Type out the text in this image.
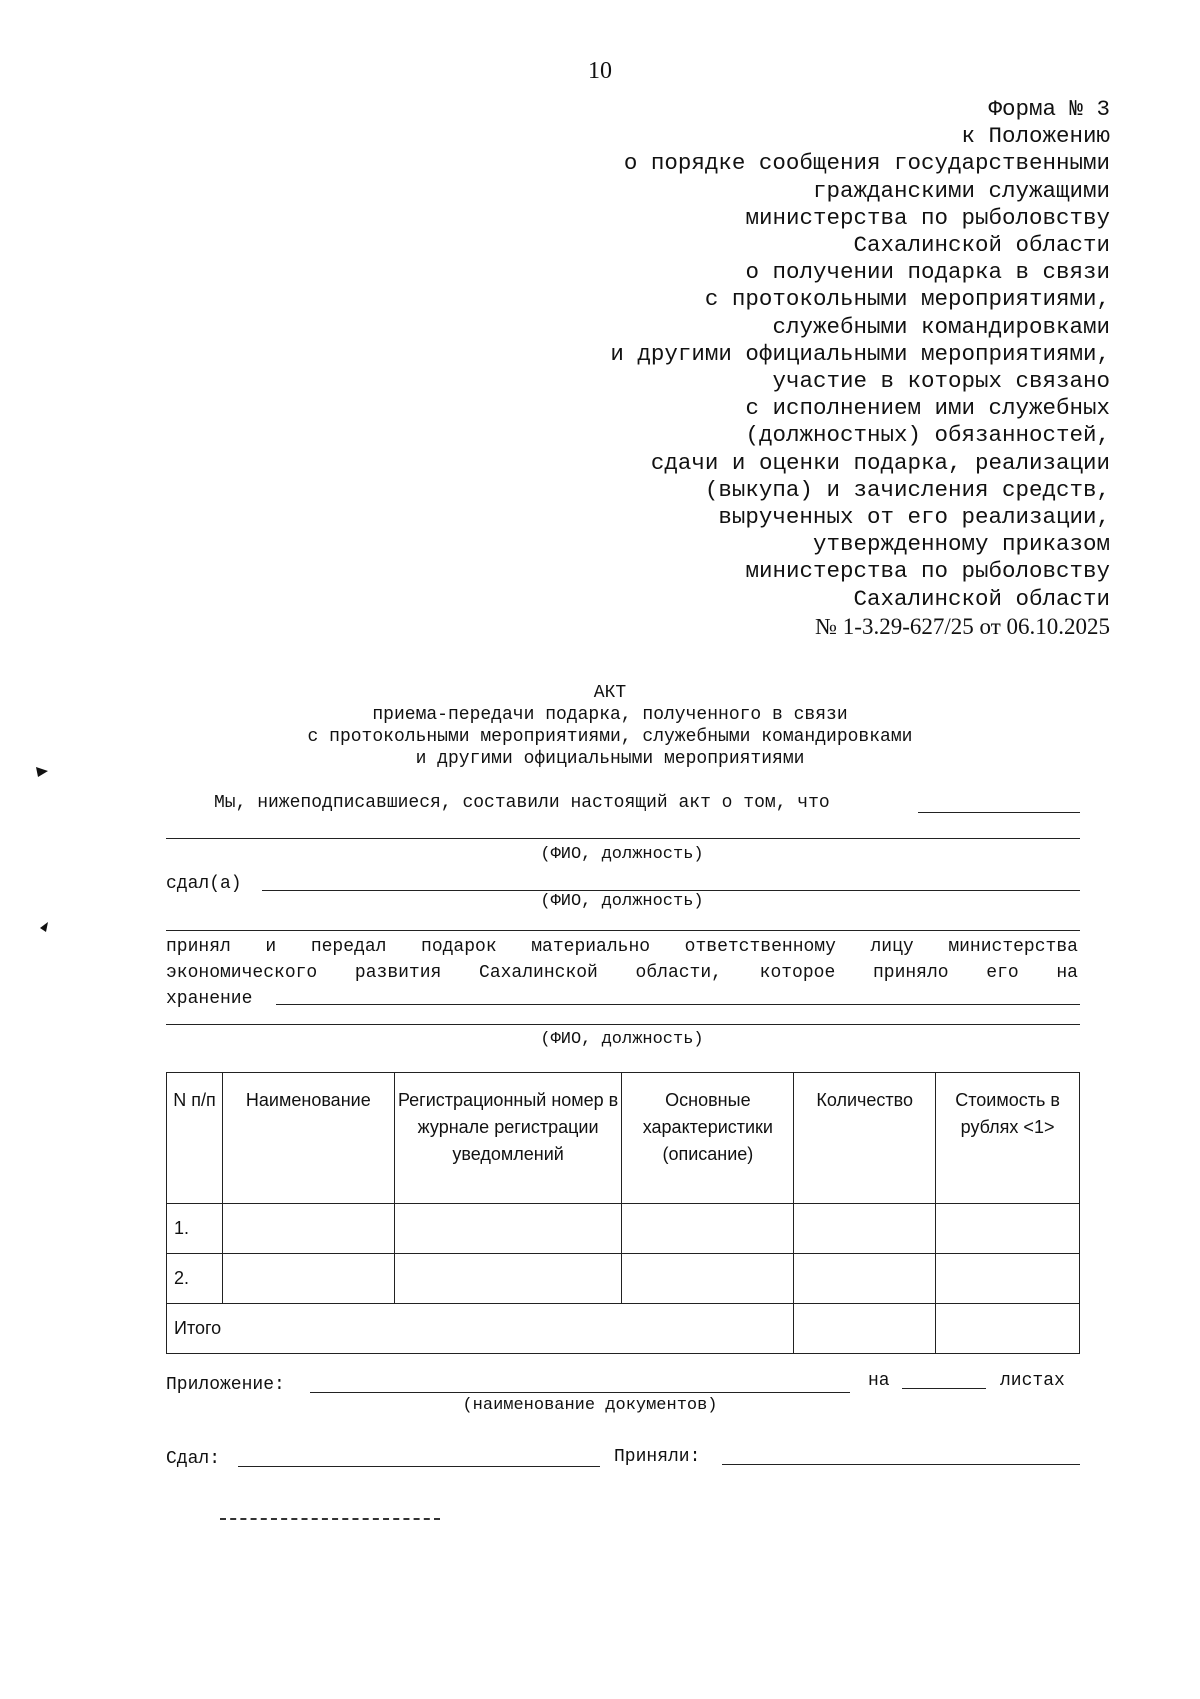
10
Форма № 3
к Положению
о порядке сообщения государственными
гражданскими служащими
министерства по рыболовству
Сахалинской области
о получении подарка в связи
с протокольными мероприятиями,
служебными командировками
и другими официальными мероприятиями,
участие в которых связано
с исполнением ими служебных
(должностных) обязанностей,
сдачи и оценки подарка, реализации
(выкупа) и зачисления средств,
вырученных от его реализации,
утвержденному приказом
министерства по рыболовству
Сахалинской области
№ 1-3.29-627/25 от 06.10.2025
АКТ
приема-передачи подарка, полученного в связи
с протокольными мероприятиями, служебными командировками
и другими официальными мероприятиями
Мы, нижеподписавшиеся, составили настоящий акт о том, что
(ФИО, должность)
сдал(а)
(ФИО, должность)
принял и передал подарок материально ответственному лицу министерства
экономического развития Сахалинской области, которое приняло его на
хранение
(ФИО, должность)
N п/п	Наименование	Регистрационный номер в журнале регистрации уведомлений	Основные характеристики (описание)	Количество	Стоимость в рублях <1>
1.					
2.					
Итого					
Приложение:	на	листах
(наименование документов)
Сдал:	Приняли:
